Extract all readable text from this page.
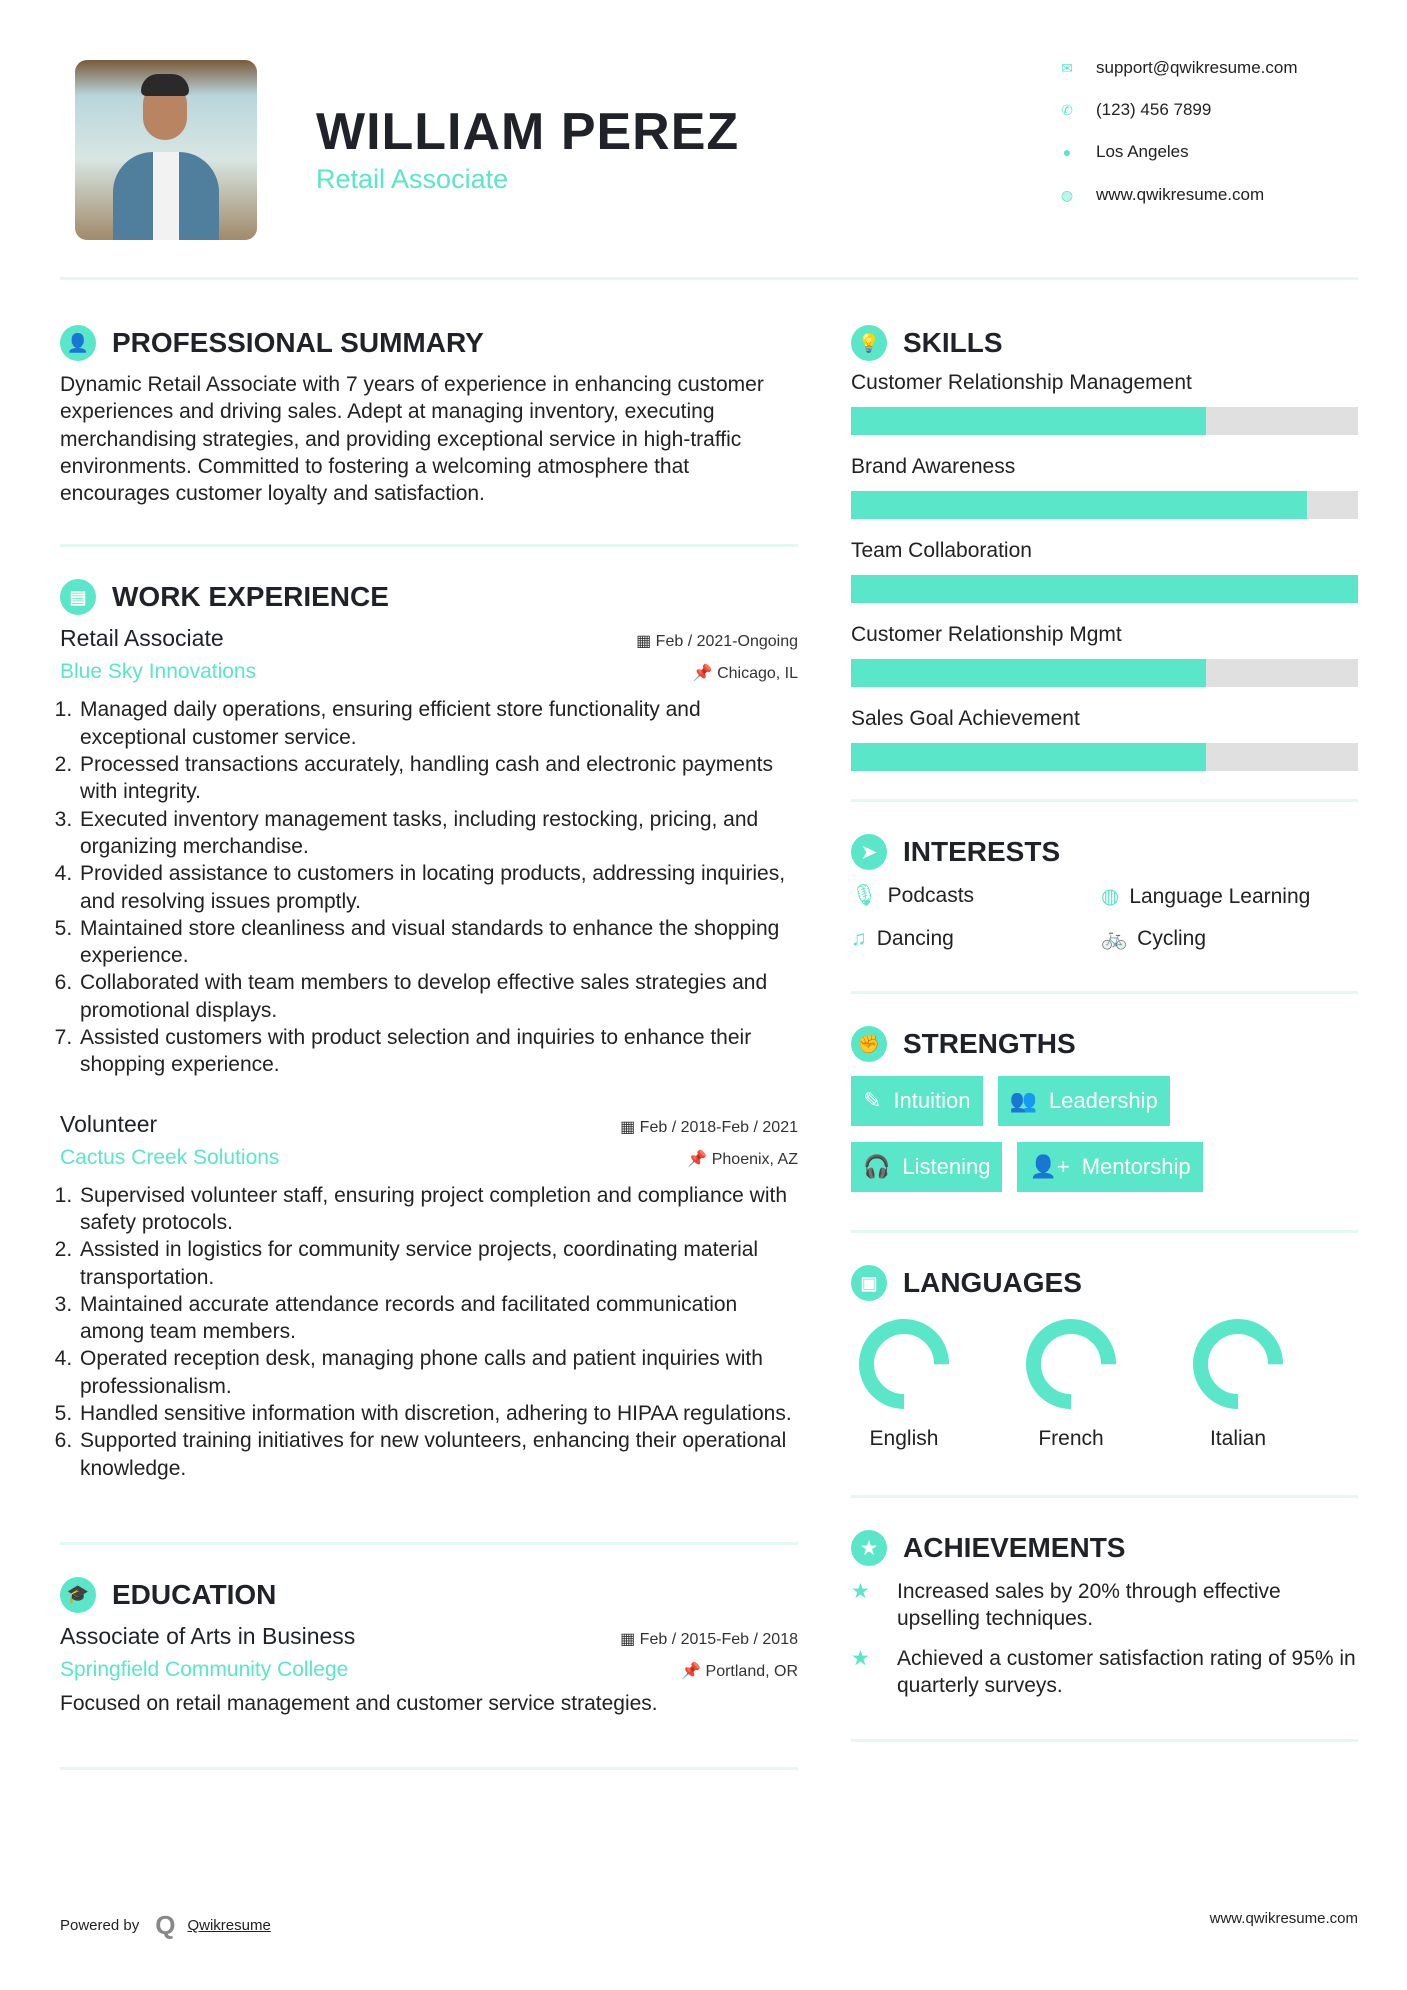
WILLIAM PEREZ
Retail Associate
✉ support@qwikresume.com
✆ (123) 456 7899
● Los Angeles
◍ www.qwikresume.com
👤 PROFESSIONAL SUMMARY
Dynamic Retail Associate with 7 years of experience in enhancing customer experiences and driving sales. Adept at managing inventory, executing merchandising strategies, and providing exceptional service in high-traffic environments. Committed to fostering a welcoming atmosphere that encourages customer loyalty and satisfaction.
▤ WORK EXPERIENCE
Retail Associate	▦ Feb / 2021-Ongoing
Blue Sky Innovations	📌 Chicago, IL
1. Managed daily operations, ensuring efficient store functionality and exceptional customer service.
2. Processed transactions accurately, handling cash and electronic payments with integrity.
3. Executed inventory management tasks, including restocking, pricing, and organizing merchandise.
4. Provided assistance to customers in locating products, addressing inquiries, and resolving issues promptly.
5. Maintained store cleanliness and visual standards to enhance the shopping experience.
6. Collaborated with team members to develop effective sales strategies and promotional displays.
7. Assisted customers with product selection and inquiries to enhance their shopping experience.
Volunteer	▦ Feb / 2018-Feb / 2021
Cactus Creek Solutions	📌 Phoenix, AZ
1. Supervised volunteer staff, ensuring project completion and compliance with safety protocols.
2. Assisted in logistics for community service projects, coordinating material transportation.
3. Maintained accurate attendance records and facilitated communication among team members.
4. Operated reception desk, managing phone calls and patient inquiries with professionalism.
5. Handled sensitive information with discretion, adhering to HIPAA regulations.
6. Supported training initiatives for new volunteers, enhancing their operational knowledge.
🎓 EDUCATION
Associate of Arts in Business	▦ Feb / 2015-Feb / 2018
Springfield Community College	📌 Portland, OR
Focused on retail management and customer service strategies.
💡 SKILLS
Customer Relationship Management
Brand Awareness
Team Collaboration
Customer Relationship Mgmt
Sales Goal Achievement
➤ INTERESTS
🎙 Podcasts	◍ Language Learning
♫ Dancing	🚲 Cycling
✊ STRENGTHS
✎ Intuition 👥 Leadership
🎧 Listening 👤+ Mentorship
▣ LANGUAGES
English	French	Italian
★ ACHIEVEMENTS
★	Increased sales by 20% through effective upselling techniques.
★	Achieved a customer satisfaction rating of 95% in quarterly surveys.
Powered by Q Qwikresume	www.qwikresume.com
